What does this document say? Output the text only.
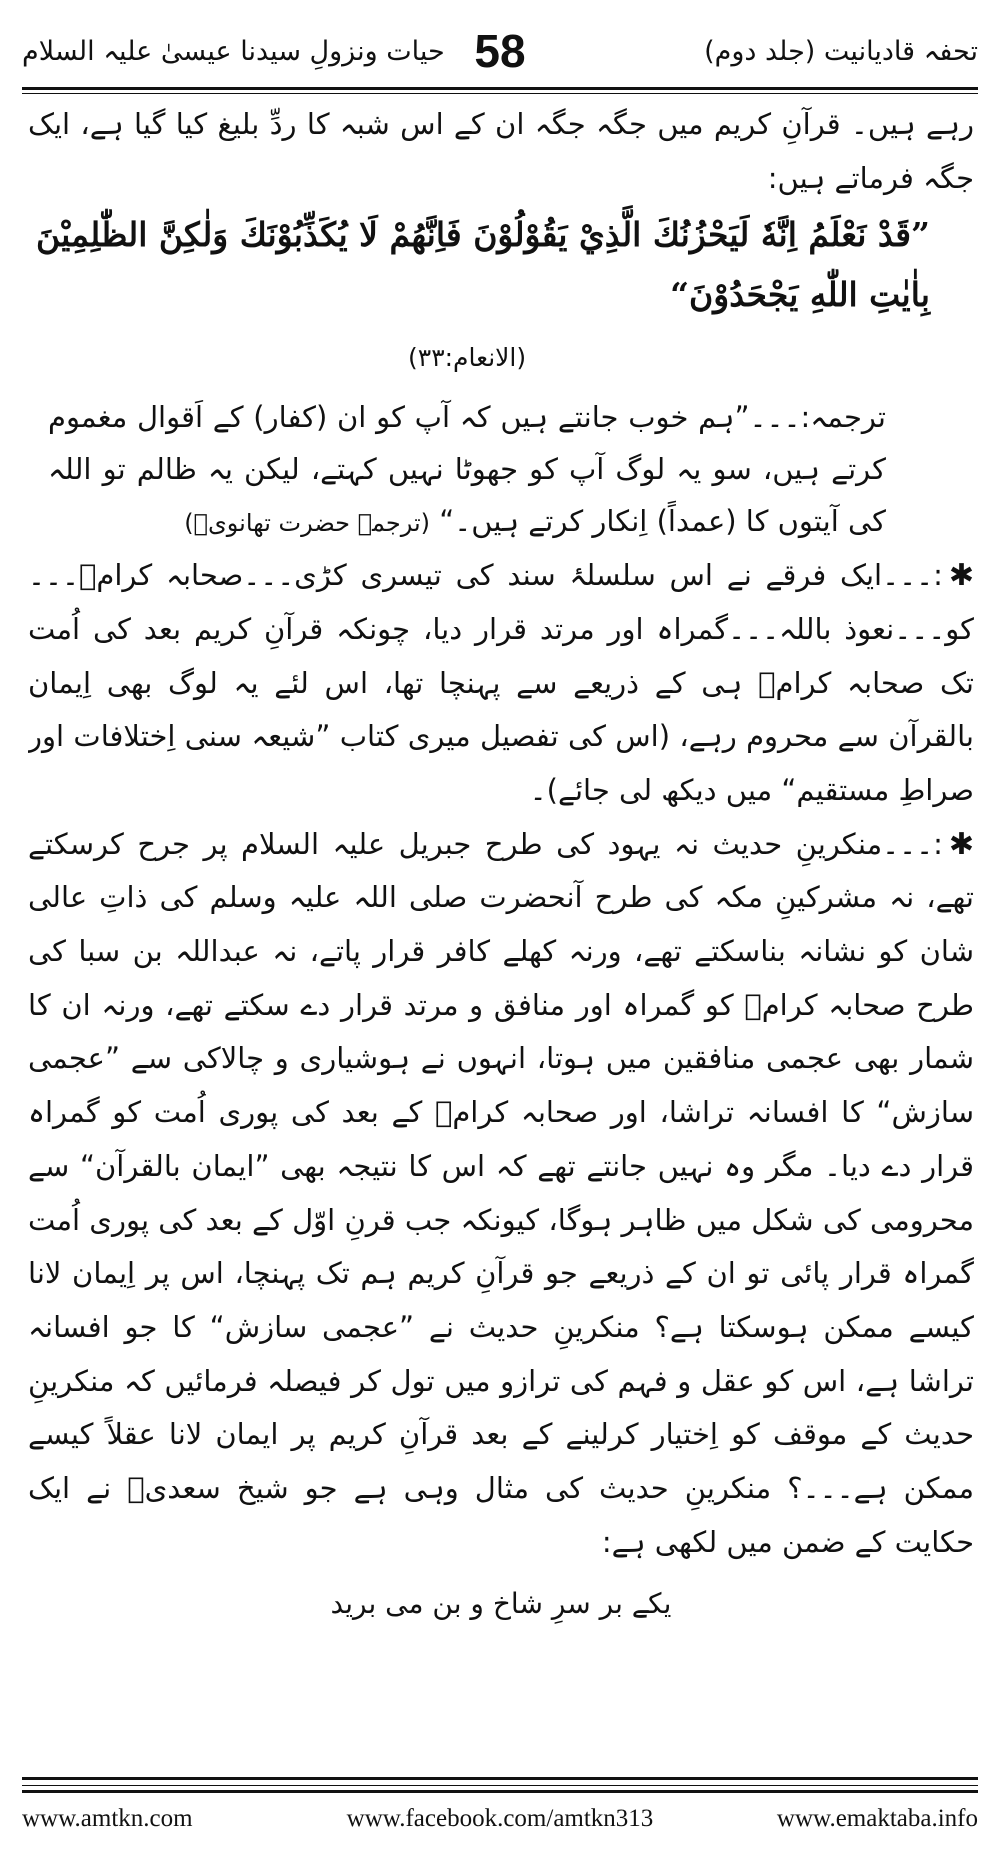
تحفہ قادیانیت (جلد دوم)
58
حیات ونزولِ سیدنا عیسیٰ علیہ السلام

رہے ہیں۔ قرآنِ کریم میں جگہ جگہ ان کے اس شبہ کا ردِّ بلیغ کیا گیا ہے، ایک جگہ فرماتے ہیں:

”قَدْ نَعْلَمُ اِنَّهٗ لَيَحْزُنُكَ الَّذِيْ يَقُوْلُوْنَ فَاِنَّهُمْ لَا يُكَذِّبُوْنَكَ وَلٰكِنَّ الظّٰلِمِيْنَ بِاٰيٰتِ اللّٰهِ يَجْحَدُوْنَ“

(الانعام:۳۳)

ترجمہ:۔۔۔”ہم خوب جانتے ہیں کہ آپ کو ان (کفار) کے اَقوال مغموم کرتے ہیں، سو یہ لوگ آپ کو جھوٹا نہیں کہتے، لیکن یہ ظالم تو اللہ کی آیتوں کا (عمداً) اِنکار کرتے ہیں۔“ (ترجمہ حضرت تھانویؒ)

✱:۔۔۔ایک فرقے نے اس سلسلۂ سند کی تیسری کڑی۔۔۔صحابہ کرامؓ۔۔۔کو۔۔۔نعوذ باللہ۔۔۔گمراہ اور مرتد قرار دیا، چونکہ قرآنِ کریم بعد کی اُمت تک صحابہ کرامؓ ہی کے ذریعے سے پہنچا تھا، اس لئے یہ لوگ بھی اِیمان بالقرآن سے محروم رہے، (اس کی تفصیل میری کتاب ”شیعہ سنی اِختلافات اور صراطِ مستقیم“ میں دیکھ لی جائے)۔

✱:۔۔۔منکرینِ حدیث نہ یہود کی طرح جبریل علیہ السلام پر جرح کرسکتے تھے، نہ مشرکینِ مکہ کی طرح آنحضرت صلی اللہ علیہ وسلم کی ذاتِ عالی شان کو نشانہ بناسکتے تھے، ورنہ کھلے کافر قرار پاتے، نہ عبداللہ بن سبا کی طرح صحابہ کرامؓ کو گمراہ اور منافق و مرتد قرار دے سکتے تھے، ورنہ ان کا شمار بھی عجمی منافقین میں ہوتا، انہوں نے ہوشیاری و چالاکی سے ”عجمی سازش“ کا افسانہ تراشا، اور صحابہ کرامؓ کے بعد کی پوری اُمت کو گمراہ قرار دے دیا۔ مگر وہ نہیں جانتے تھے کہ اس کا نتیجہ بھی ”ایمان بالقرآن“ سے محرومی کی شکل میں ظاہر ہوگا، کیونکہ جب قرنِ اوّل کے بعد کی پوری اُمت گمراہ قرار پائی تو ان کے ذریعے جو قرآنِ کریم ہم تک پہنچا، اس پر اِیمان لانا کیسے ممکن ہوسکتا ہے؟ منکرینِ حدیث نے ”عجمی سازش“ کا جو افسانہ تراشا ہے، اس کو عقل و فہم کی ترازو میں تول کر فیصلہ فرمائیں کہ منکرینِ حدیث کے موقف کو اِختیار کرلینے کے بعد قرآنِ کریم پر ایمان لانا عقلاً کیسے ممکن ہے۔۔۔؟ منکرینِ حدیث کی مثال وہی ہے جو شیخ سعدیؒ نے ایک حکایت کے ضمن میں لکھی ہے:

یکے بر سرِ شاخ و بن می برید

www.amtkn.com	www.facebook.com/amtkn313	www.emaktaba.info
